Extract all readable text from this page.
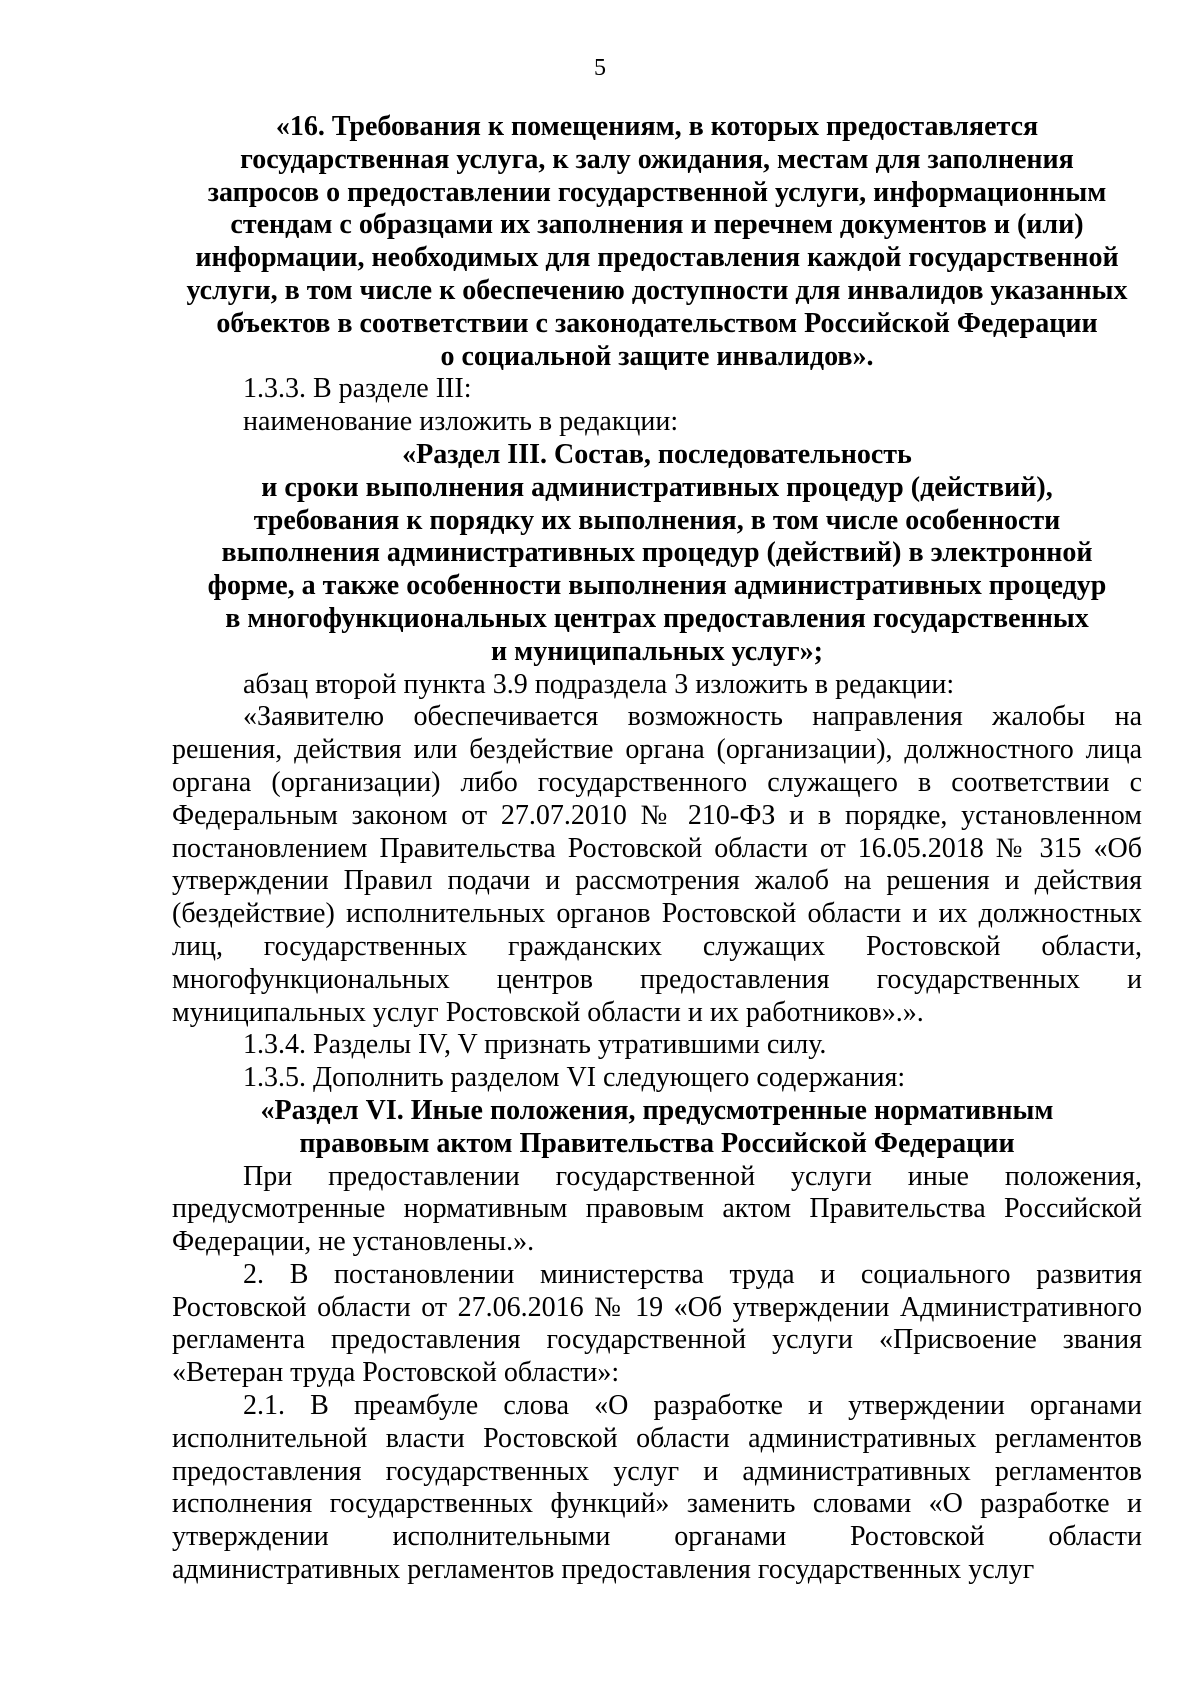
5
«16. Требования к помещениям, в которых предоставляется
государственная услуга, к залу ожидания, местам для заполнения
запросов о предоставлении государственной услуги, информационным
стендам с образцами их заполнения и перечнем документов и (или)
информации, необходимых для предоставления каждой государственной
услуги, в том числе к обеспечению доступности для инвалидов указанных
объектов в соответствии с законодательством Российской Федерации
о социальной защите инвалидов».

1.3.3. В разделе III:

наименование изложить в редакции:

«Раздел III. Состав, последовательность
и сроки выполнения административных процедур (действий),
требования к порядку их выполнения, в том числе особенности
выполнения административных процедур (действий) в электронной
форме, а также особенности выполнения административных процедур
в многофункциональных центрах предоставления государственных
и муниципальных услуг»;

абзац второй пункта 3.9 подраздела 3 изложить в редакции:

«Заявителю обеспечивается возможность направления жалобы на решения, действия или бездействие органа (организации), должностного лица органа (организации) либо государственного служащего в соответствии с Федеральным законом от 27.07.2010 № 210-ФЗ и в порядке, установленном постановлением Правительства Ростовской области от 16.05.2018 № 315 «Об утверждении Правил подачи и рассмотрения жалоб на решения и действия (бездействие) исполнительных органов Ростовской области и их должностных лиц, государственных гражданских служащих Ростовской области, многофункциональных центров предоставления государственных и муниципальных услуг Ростовской области и их работников».».

1.3.4. Разделы IV, V признать утратившими силу.

1.3.5. Дополнить разделом VI следующего содержания:

«Раздел VI. Иные положения, предусмотренные нормативным
правовым актом Правительства Российской Федерации

При предоставлении государственной услуги иные положения, предусмотренные нормативным правовым актом Правительства Российской Федерации, не установлены.».

2. В постановлении министерства труда и социального развития Ростовской области от 27.06.2016 № 19 «Об утверждении Административного регламента предоставления государственной услуги «Присвоение звания «Ветеран труда Ростовской области»:

2.1. В преамбуле слова «О разработке и утверждении органами исполнительной власти Ростовской области административных регламентов предоставления государственных услуг и административных регламентов исполнения государственных функций» заменить словами «О разработке и утверждении исполнительными органами Ростовской области административных регламентов предоставления государственных услуг
